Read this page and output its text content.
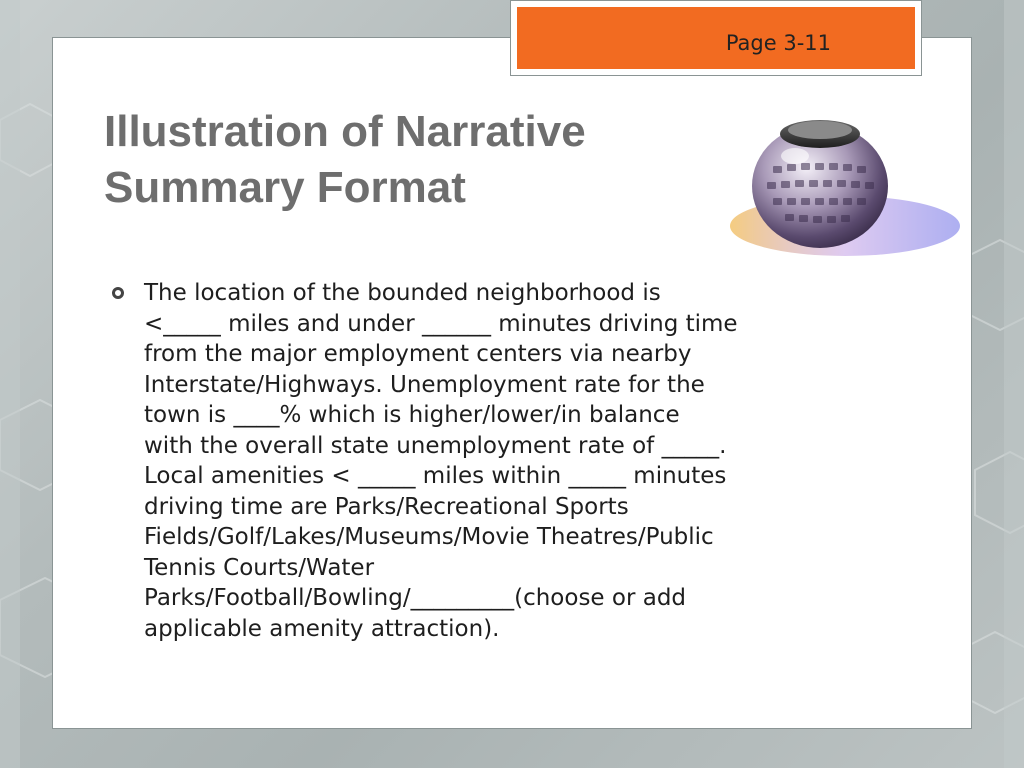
Page 3-11
Illustration of Narrative
Summary Format
The location of the bounded neighborhood is
<_____ miles and under ______ minutes driving time
from the major employment centers via nearby
Interstate/Highways. Unemployment rate for the
town is ____% which is higher/lower/in balance
with the overall state unemployment rate of _____.
Local amenities < _____ miles within _____ minutes
driving time are Parks/Recreational Sports
Fields/Golf/Lakes/Museums/Movie Theatres/Public
Tennis Courts/Water
Parks/Football/Bowling/_________(choose or add
applicable amenity attraction).
